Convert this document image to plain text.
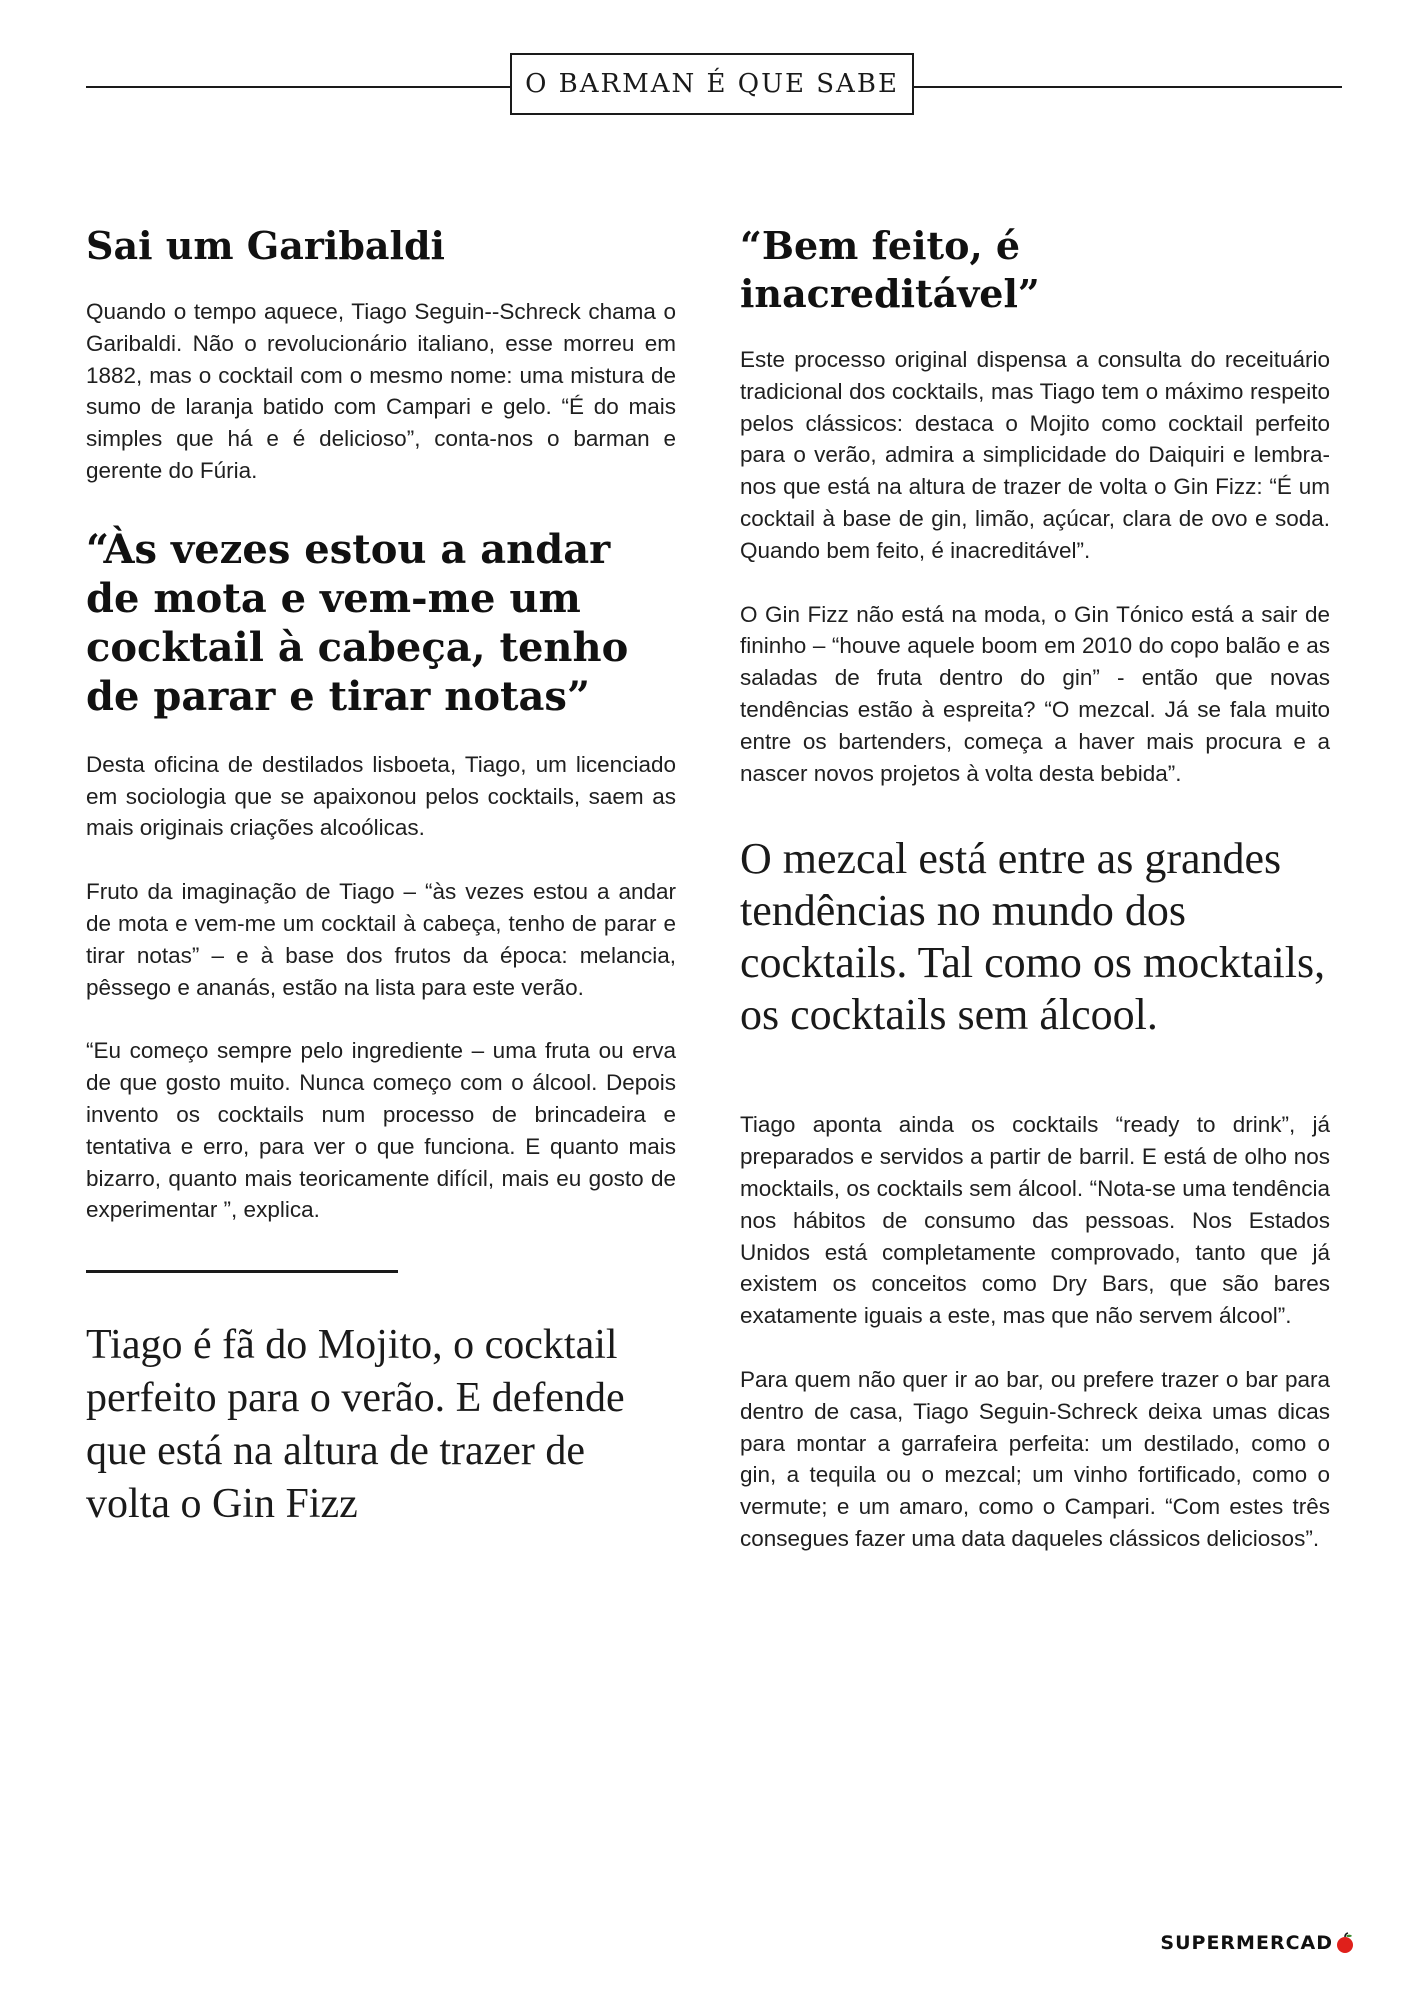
O BARMAN É QUE SABE
Sai um Garibaldi

Quando o tempo aquece, Tiago Seguin--Schreck chama o Garibaldi. Não o revolucionário italiano, esse morreu em 1882, mas o cocktail com o mesmo nome: uma mistura de sumo de laranja batido com Campari e gelo. “É do mais simples que há e é delicioso”, conta-nos o barman e gerente do Fúria.

“Às vezes estou a andar de mota e vem-me um cocktail à cabeça, tenho de parar e tirar notas”

Desta oficina de destilados lisboeta, Tiago, um licenciado em sociologia que se apaixonou pelos cocktails, saem as mais originais criações alcoólicas.

Fruto da imaginação de Tiago – “às vezes estou a andar de mota e vem-me um cocktail à cabeça, tenho de parar e tirar notas” – e à base dos frutos da época: melancia, pêssego e ananás, estão na lista para este verão.

“Eu começo sempre pelo ingrediente – uma fruta ou erva de que gosto muito. Nunca começo com o álcool. Depois invento os cocktails num processo de brincadeira e tentativa e erro, para ver o que funciona. E quanto mais bizarro, quanto mais teoricamente difícil, mais eu gosto de experimentar ”, explica.

Tiago é fã do Mojito, o cocktail perfeito para o verão. E defende que está na altura de trazer de volta o Gin Fizz

“Bem feito, é inacreditável”

Este processo original dispensa a consulta do receituário tradicional dos cocktails, mas Tiago tem o máximo respeito pelos clássicos: destaca o Mojito como cocktail perfeito para o verão, admira a simplicidade do Daiquiri e lembra-nos que está na altura de trazer de volta o Gin Fizz: “É um cocktail à base de gin, limão, açúcar, clara de ovo e soda. Quando bem feito, é inacreditável”.

O Gin Fizz não está na moda, o Gin Tónico está a sair de fininho – “houve aquele boom em 2010 do copo balão e as saladas de fruta dentro do gin” - então que novas tendências estão à espreita? “O mezcal. Já se fala muito entre os bartenders, começa a haver mais procura e a nascer novos projetos à volta desta bebida”.

O mezcal está entre as grandes tendências no mundo dos cocktails. Tal como os mocktails, os cocktails sem álcool.

Tiago aponta ainda os cocktails “ready to drink”, já preparados e servidos a partir de barril. E está de olho nos mocktails, os cocktails sem álcool. “Nota-se uma tendência nos hábitos de consumo das pessoas. Nos Estados Unidos está completamente comprovado, tanto que já existem os conceitos como Dry Bars, que são bares exatamente iguais a este, mas que não servem álcool”.

Para quem não quer ir ao bar, ou prefere trazer o bar para dentro de casa, Tiago Seguin-Schreck deixa umas dicas para montar a garrafeira perfeita: um destilado, como o gin, a tequila ou o mezcal; um vinho fortificado, como o vermute; e um amaro, como o Campari. “Com estes três consegues fazer uma data daqueles clássicos deliciosos”.

SUPERMERCAD
